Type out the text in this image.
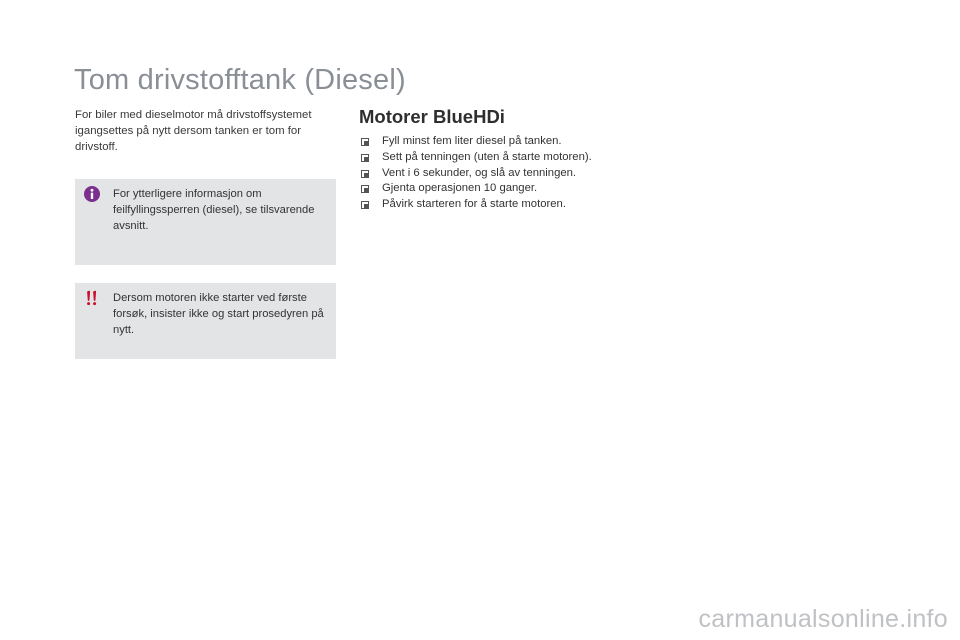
Tom drivstofftank (Diesel)

For biler med dieselmotor må drivstoffsystemet igangsettes på nytt dersom tanken er tom for drivstoff.

For ytterligere informasjon om feilfyllingssperren (diesel), se tilsvarende avsnitt.

Dersom motoren ikke starter ved første forsøk, insister ikke og start prosedyren på nytt.

Motorer BlueHDi
Fyll minst fem liter diesel på tanken.
Sett på tenningen (uten å starte motoren).
Vent i 6 sekunder, og slå av tenningen.
Gjenta operasjonen 10 ganger.
Påvirk starteren for å starte motoren.
carmanualsonline.info
